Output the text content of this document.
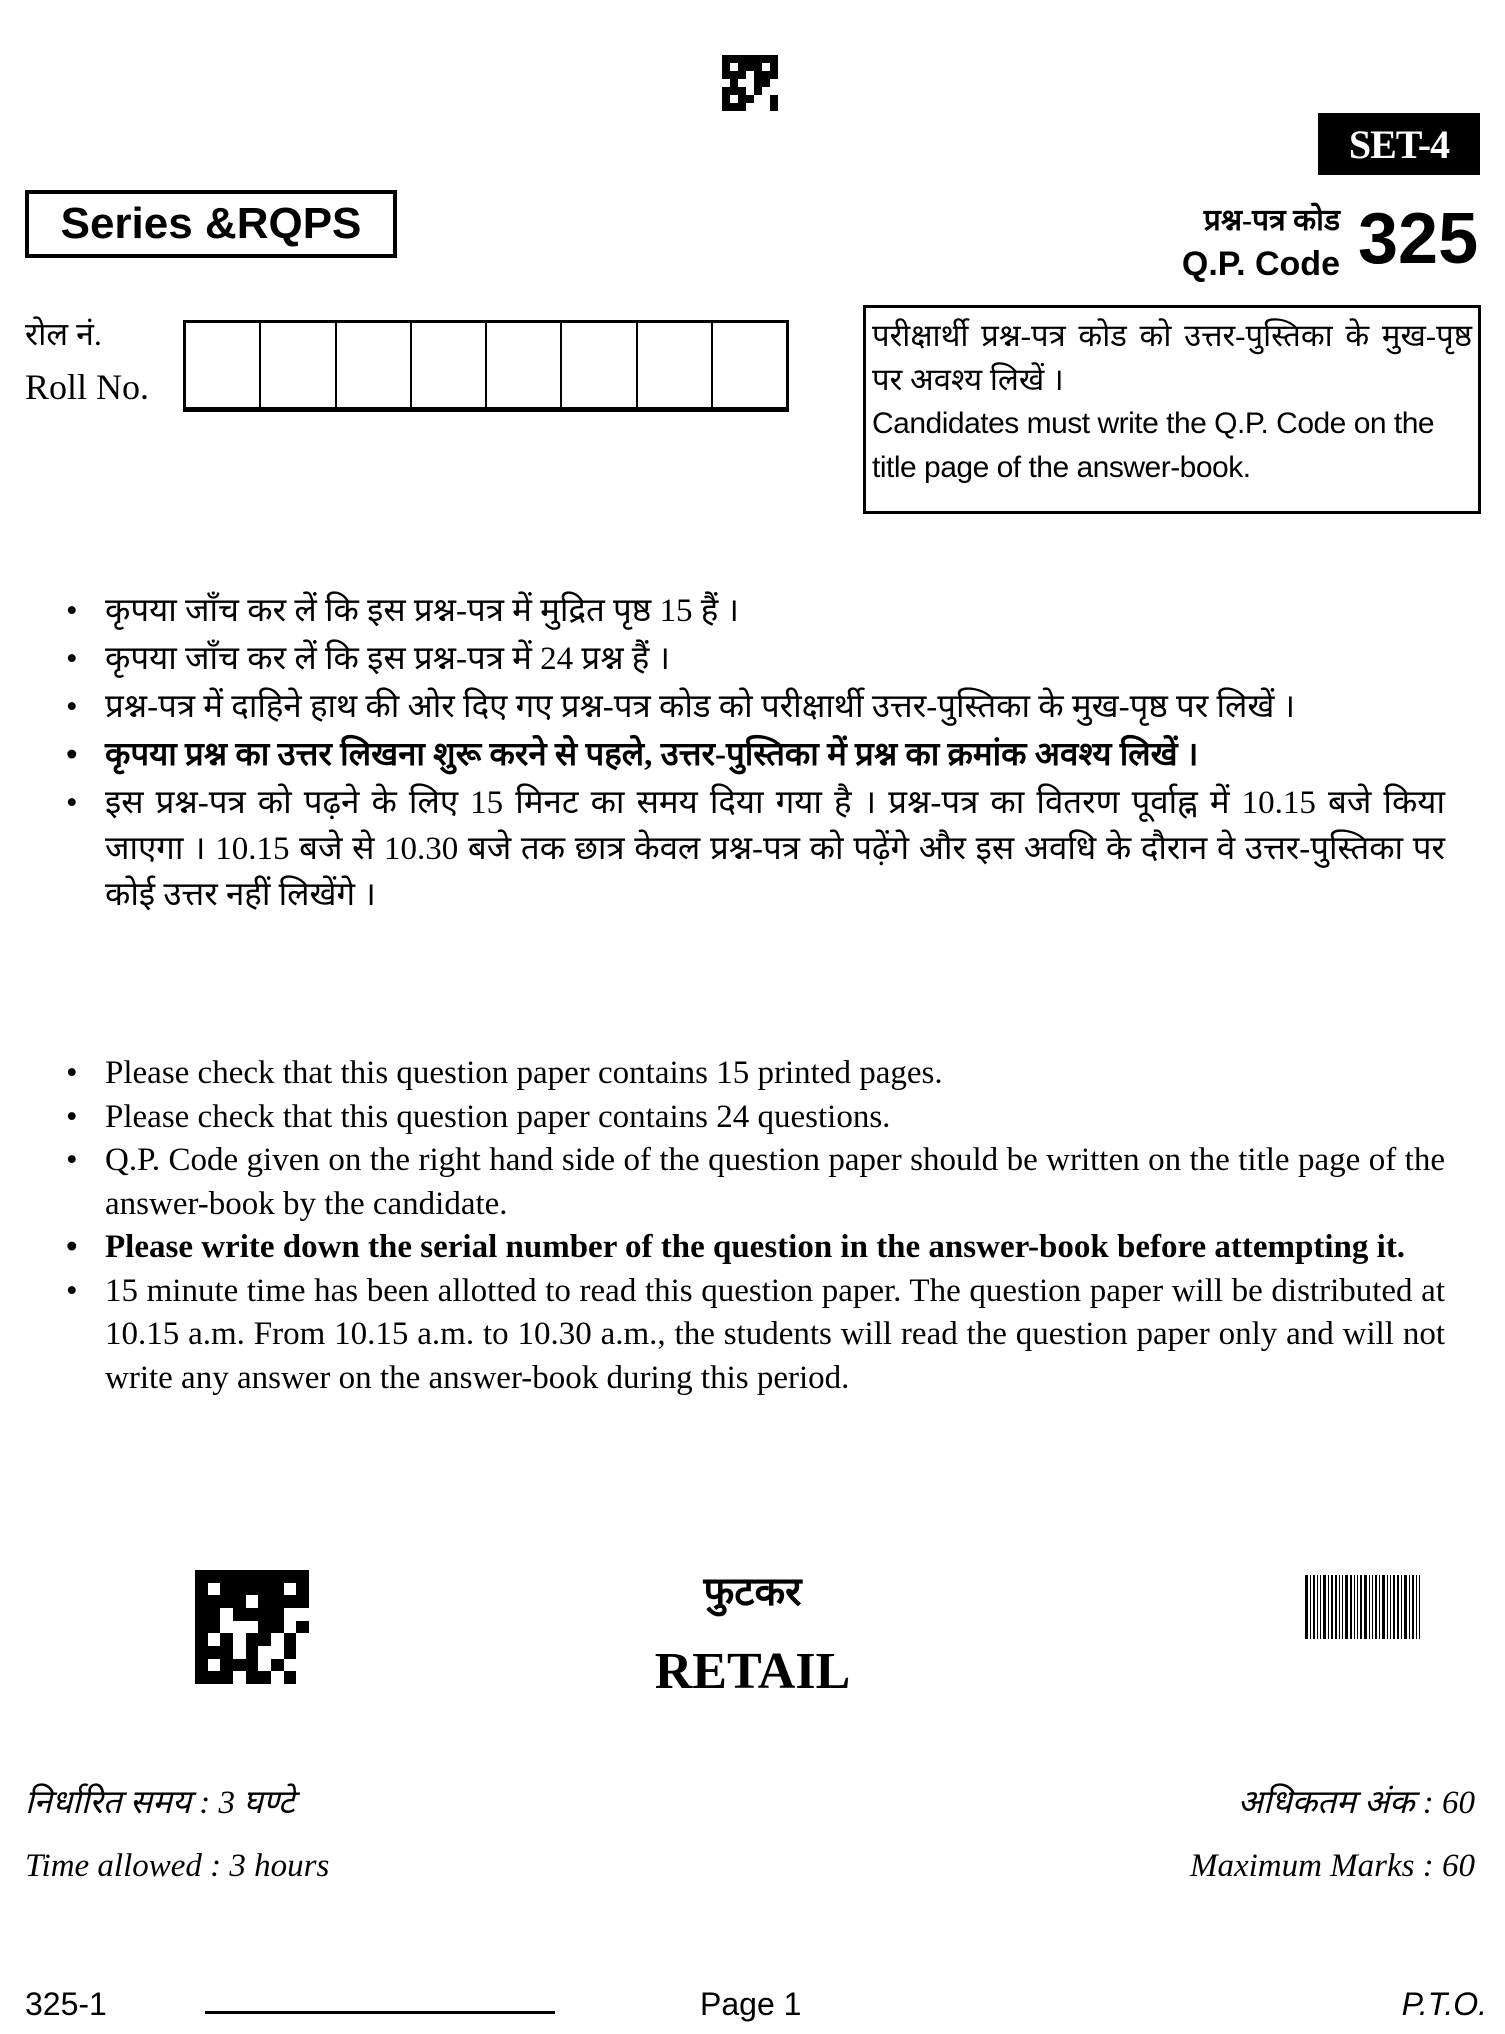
SET-4
Series &RQPS	प्रश्न-पत्र कोड
Q.P. Code 325
रोल नं.
Roll No.
परीक्षार्थी प्रश्न-पत्र कोड को उत्तर-पुस्तिका के मुख-पृष्ठ पर अवश्य लिखें ।
Candidates must write the Q.P. Code on the title page of the answer-book.
• कृपया जाँच कर लें कि इस प्रश्न-पत्र में मुद्रित पृष्ठ 15 हैं ।
• कृपया जाँच कर लें कि इस प्रश्न-पत्र में 24 प्रश्न हैं ।
• प्रश्न-पत्र में दाहिने हाथ की ओर दिए गए प्रश्न-पत्र कोड को परीक्षार्थी उत्तर-पुस्तिका के मुख-पृष्ठ पर लिखें ।
• कृपया प्रश्न का उत्तर लिखना शुरू करने से पहले, उत्तर-पुस्तिका में प्रश्न का क्रमांक अवश्य लिखें ।
• इस प्रश्न-पत्र को पढ़ने के लिए 15 मिनट का समय दिया गया है । प्रश्न-पत्र का वितरण पूर्वाह्न में 10.15 बजे किया जाएगा । 10.15 बजे से 10.30 बजे तक छात्र केवल प्रश्न-पत्र को पढ़ेंगे और इस अवधि के दौरान वे उत्तर-पुस्तिका पर कोई उत्तर नहीं लिखेंगे ।
• Please check that this question paper contains 15 printed pages.
• Please check that this question paper contains 24 questions.
• Q.P. Code given on the right hand side of the question paper should be written on the title page of the answer-book by the candidate.
• Please write down the serial number of the question in the answer-book before attempting it.
• 15 minute time has been allotted to read this question paper. The question paper will be distributed at 10.15 a.m. From 10.15 a.m. to 10.30 a.m., the students will read the question paper only and will not write any answer on the answer-book during this period.
फुटकर
RETAIL
निर्धारित समय : 3 घण्टे
Time allowed : 3 hours
अधिकतम अंक : 60
Maximum Marks : 60
325-1	Page 1	P.T.O.
